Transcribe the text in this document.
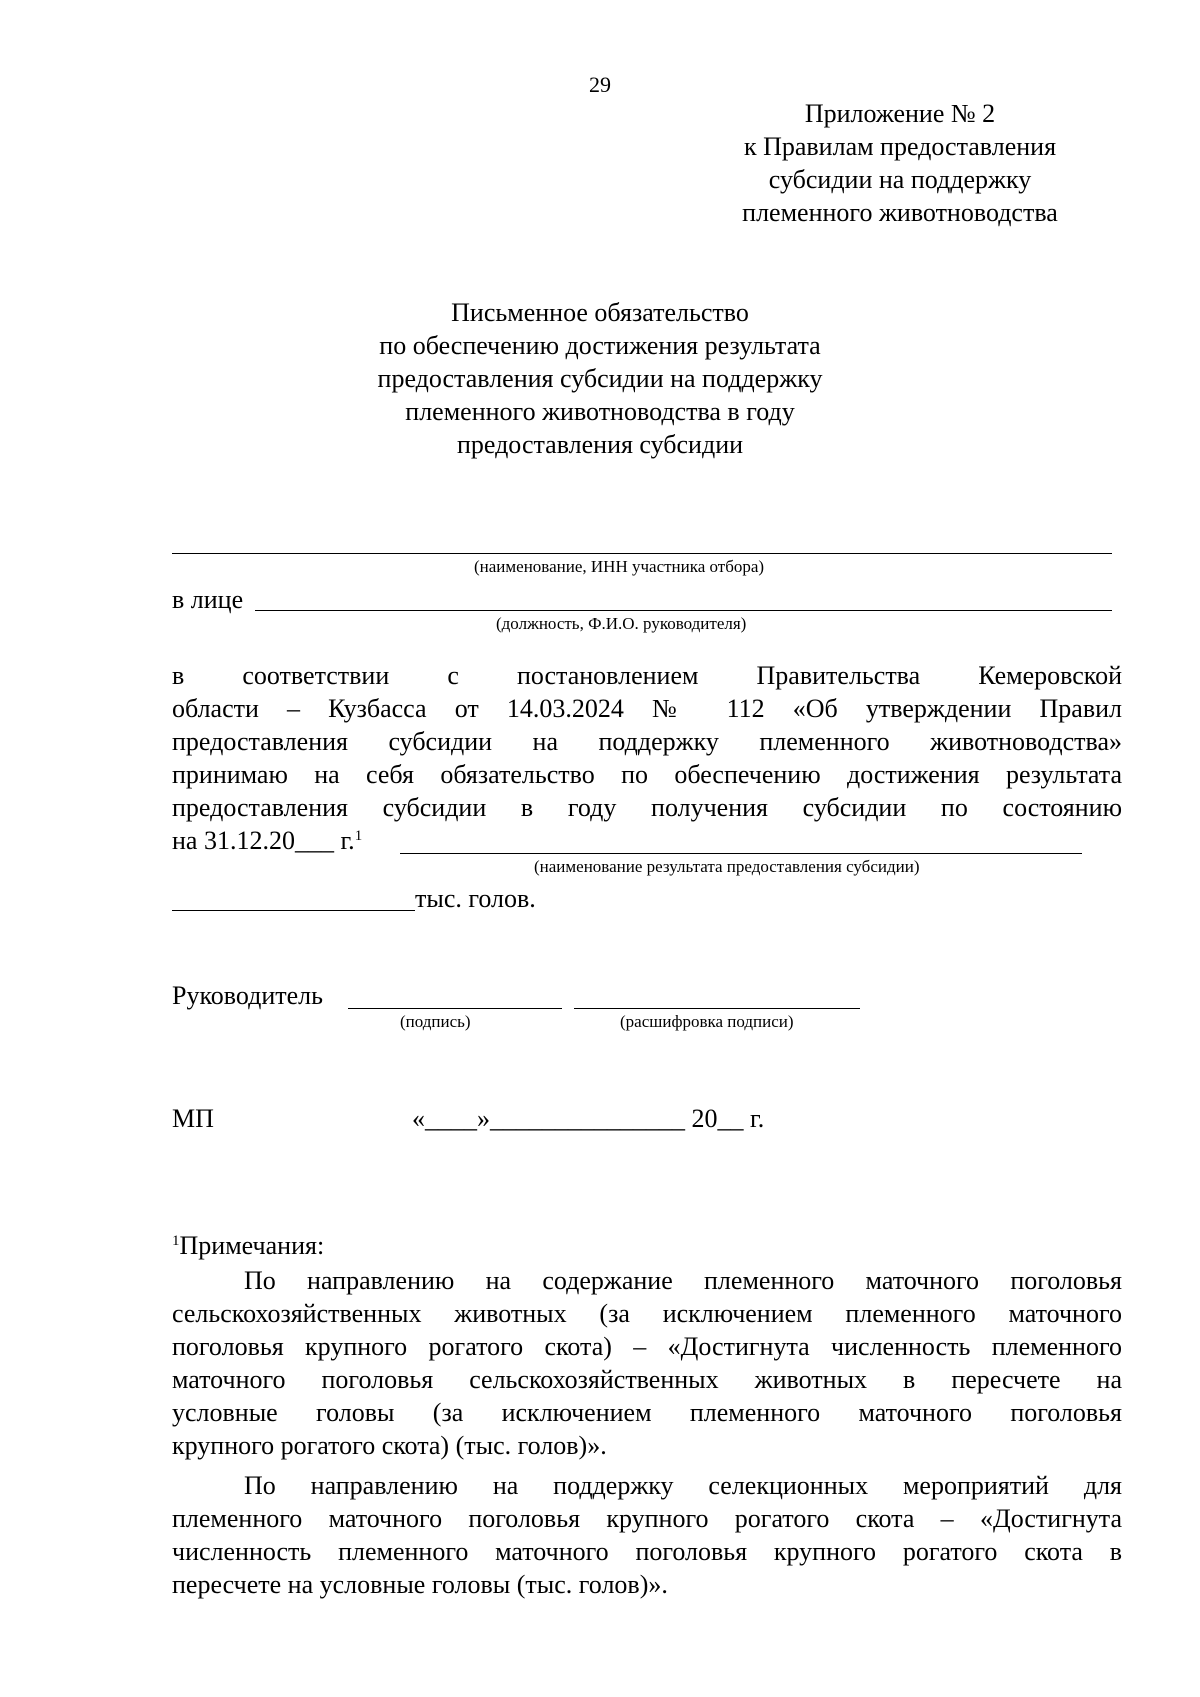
29
Приложение № 2
к Правилам предоставления
субсидии на поддержку
племенного животноводства
Письменное обязательство
по обеспечению достижения результата
предоставления субсидии на поддержку
племенного животноводства в году
предоставления субсидии
(наименование, ИНН участника отбора)
в лице
(должность, Ф.И.О. руководителя)
в соответствии с постановлением Правительства Кемеровской
области – Кузбасса от 14.03.2024 № 112 «Об утверждении Правил
предоставления субсидии на поддержку племенного животноводства»
принимаю на себя обязательство по обеспечению достижения результата
предоставления субсидии в году получения субсидии по состоянию
на 31.12.20___ г.$^1$
(наименование результата предоставления субсидии)
тыс. голов.
Руководитель
(подпись)	(расшифровка подписи)
МП	«____»_______________ 20__ г.
$^1$Примечания:
По направлению на содержание племенного маточного поголовья
сельскохозяйственных животных (за исключением племенного маточного
поголовья крупного рогатого скота) – «Достигнута численность племенного
маточного поголовья сельскохозяйственных животных в пересчете на
условные головы (за исключением племенного маточного поголовья
крупного рогатого скота) (тыс. голов)».
По направлению на поддержку селекционных мероприятий для
племенного маточного поголовья крупного рогатого скота – «Достигнута
численность племенного маточного поголовья крупного рогатого скота в
пересчете на условные головы (тыс. голов)».
